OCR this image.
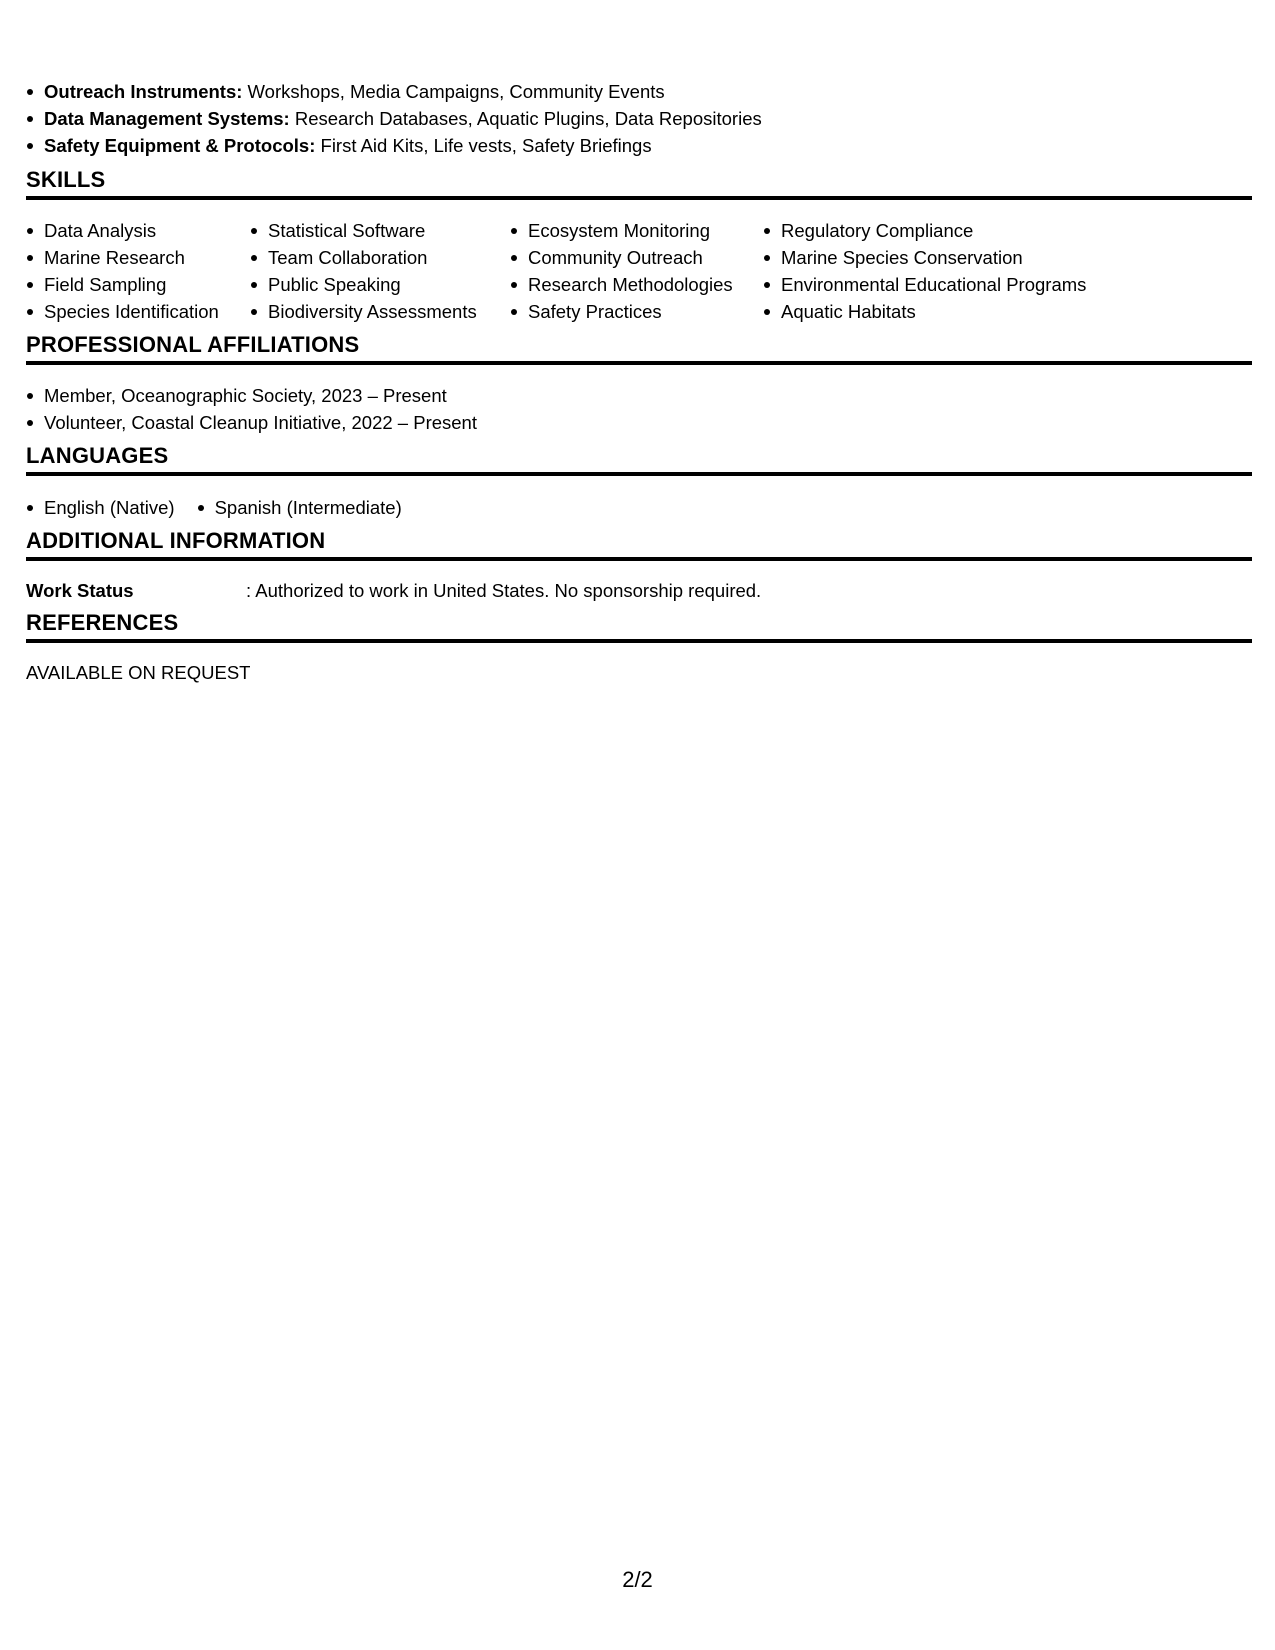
Outreach Instruments: Workshops, Media Campaigns, Community Events
Data Management Systems: Research Databases, Aquatic Plugins, Data Repositories
Safety Equipment & Protocols: First Aid Kits, Life vests, Safety Briefings
SKILLS
Data Analysis
Marine Research
Field Sampling
Species Identification
Statistical Software
Team Collaboration
Public Speaking
Biodiversity Assessments
Ecosystem Monitoring
Community Outreach
Research Methodologies
Safety Practices
Regulatory Compliance
Marine Species Conservation
Environmental Educational Programs
Aquatic Habitats
PROFESSIONAL AFFILIATIONS
Member, Oceanographic Society, 2023 – Present
Volunteer, Coastal Cleanup Initiative, 2022 – Present
LANGUAGES
English (Native)	Spanish (Intermediate)
ADDITIONAL INFORMATION
Work Status	: Authorized to work in United States. No sponsorship required.
REFERENCES
AVAILABLE ON REQUEST
2/2
